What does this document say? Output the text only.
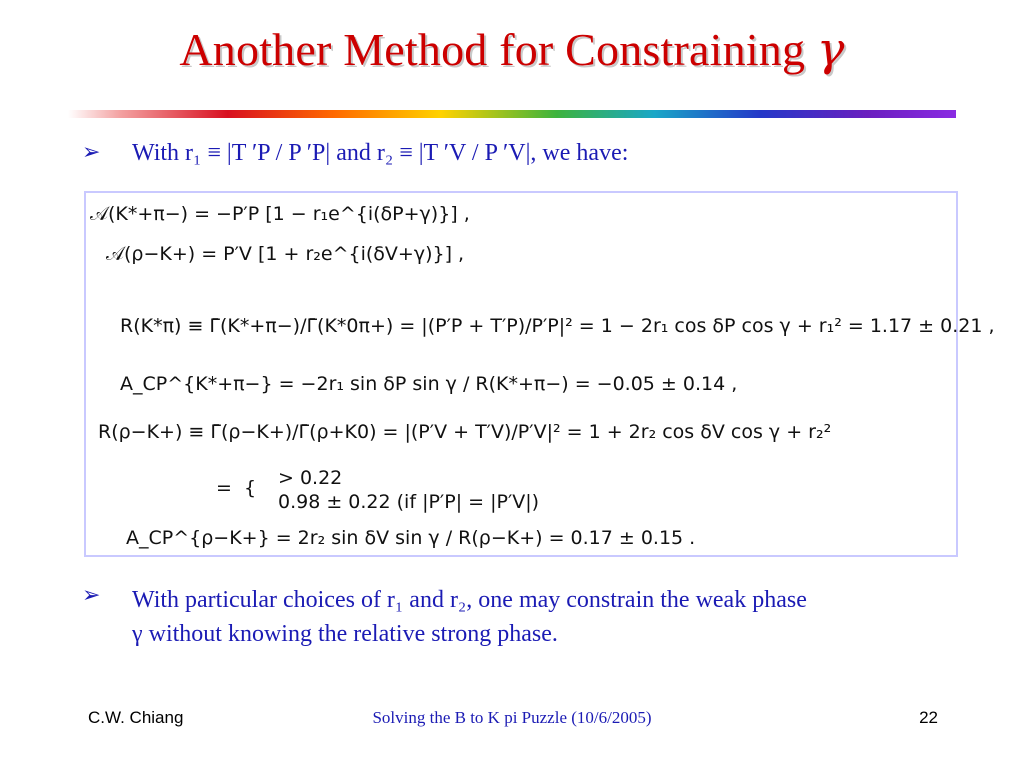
Another Method for Constraining γ
➢ With r₁ ≡ |T ′P / P ′P| and r₂ ≡ |T ′V / P ′V|, we have:
𝒜(K*+π−) = −P′P [1 − r₁e^{i(δP+γ)}] ,
𝒜(ρ−K+) = P′V [1 + r₂e^{i(δV+γ)}] ,
R(K*π) ≡ Γ̄(K*+π−)/Γ̄(K*0π+) = |(P′P + T′P)/P′P|² = 1 − 2r₁ cos δP cos γ + r₁² = 1.17 ± 0.21 ,
A_CP^{K*+π−} = −2r₁ sin δP sin γ / R(K*+π−) = −0.05 ± 0.14 ,
R(ρ−K+) ≡ Γ̄(ρ−K+)/Γ̄(ρ+K0) = |(P′V + T′V)/P′V|² = 1 + 2r₂ cos δV cos γ + r₂²
=  { > 0.22
0.98 ± 0.22 (if |P′P| = |P′V|)
A_CP^{ρ−K+} = 2r₂ sin δV sin γ / R(ρ−K+) = 0.17 ± 0.15 .
➢ With particular choices of r₁ and r₂, one may constrain the weak phase
γ without knowing the relative strong phase.
C.W. Chiang	Solving the B to K pi Puzzle (10/6/2005)	22
